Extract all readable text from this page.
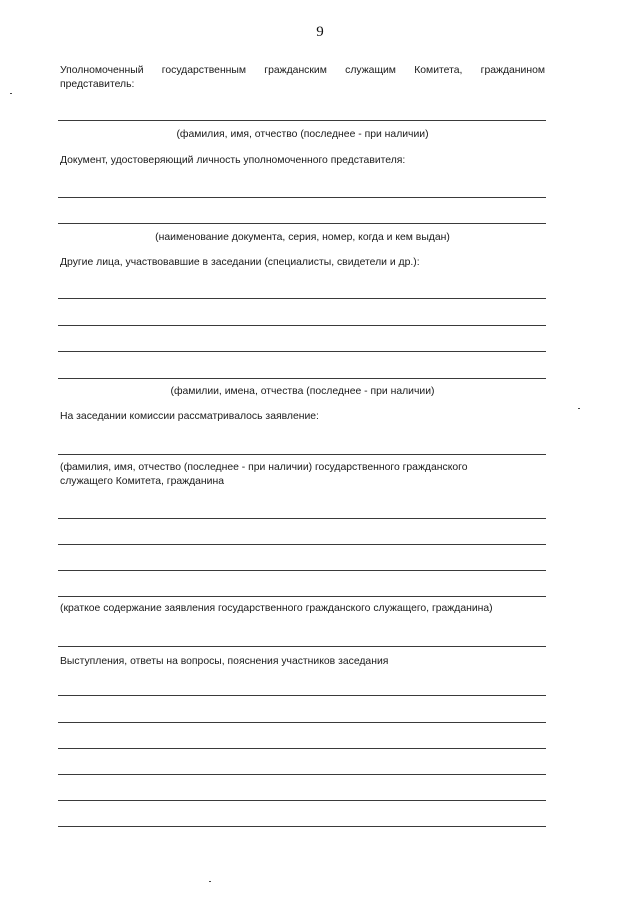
9
Уполномоченный государственным гражданским служащим Комитета, гражданином
представитель:
(фамилия, имя, отчество (последнее - при наличии)
Документ, удостоверяющий личность уполномоченного представителя:
(наименование документа, серия, номер, когда и кем выдан)
Другие лица, участвовавшие в заседании (специалисты, свидетели и др.):
(фамилии, имена, отчества (последнее - при наличии)
На заседании комиссии рассматривалось заявление:
(фамилия, имя, отчество (последнее - при наличии) государственного гражданского
служащего Комитета, гражданина
(краткое содержание заявления государственного гражданского служащего, гражданина)
Выступления, ответы на вопросы, пояснения участников заседания
